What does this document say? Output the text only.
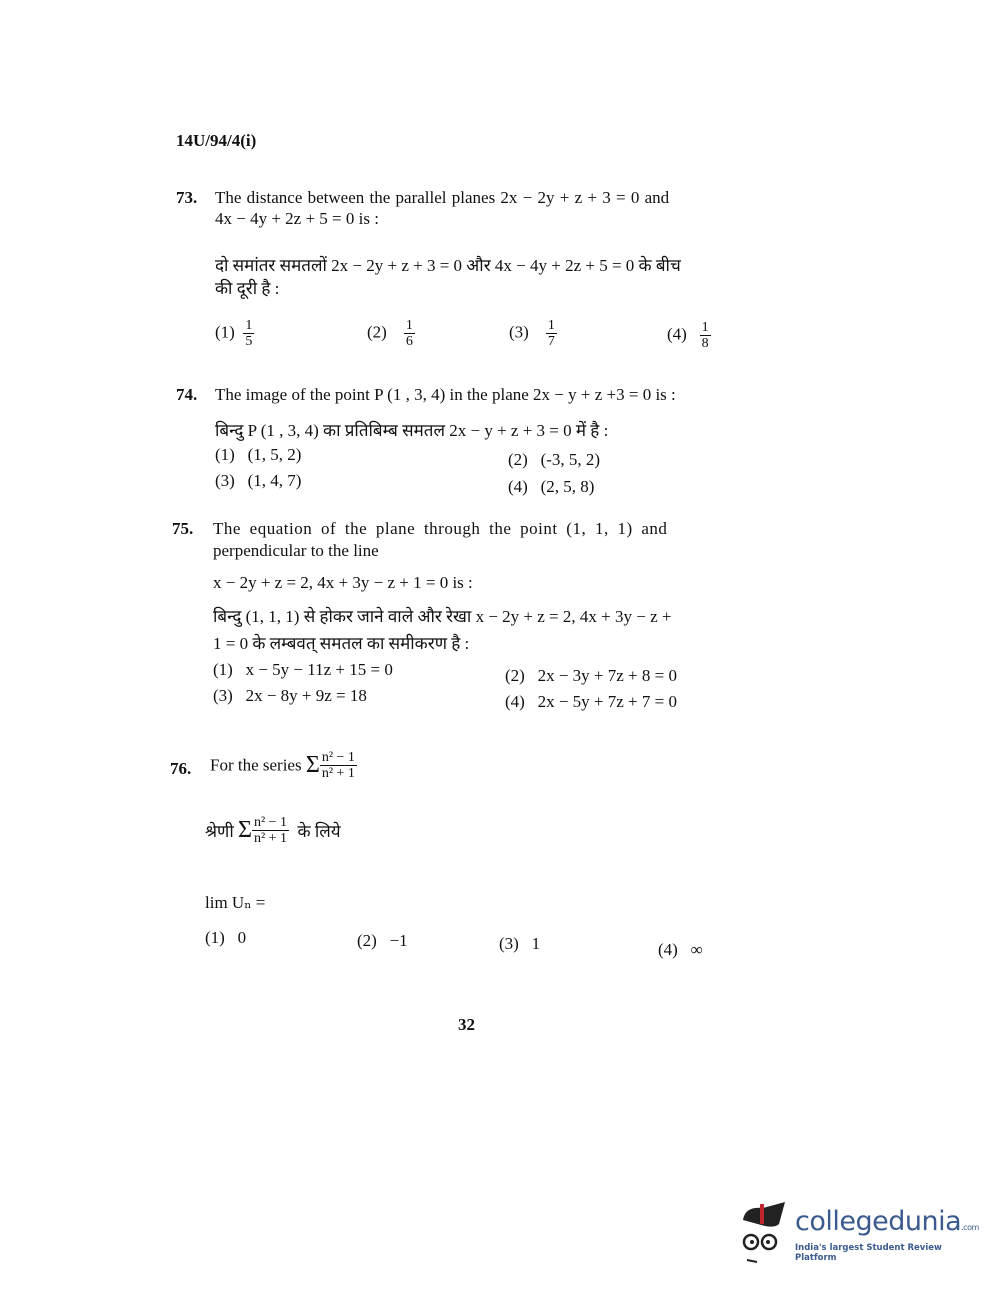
14U/94/4(i)
73. The distance between the parallel planes 2x − 2y + z + 3 = 0 and
4x − 4y + 2z + 5 = 0 is :
दो समांतर समतलों 2x − 2y + z + 3 = 0 और 4x − 4y + 2z + 5 = 0 के बीच
की दूरी है :
$(1) \frac{1}{5}$	$(2) \frac{1}{6}$	$(3) \frac{1}{7}$	$(4) \frac{1}{8}$
74. The image of the point P (1 , 3, 4) in the plane 2x − y + z +3 = 0 is :
बिन्दु P (1 , 3, 4) का प्रतिबिम्ब समतल 2x − y + z + 3 = 0 में है :
(1) (1, 5, 2)	(2) (-3, 5, 2)
(3) (1, 4, 7)	(4) (2, 5, 8)
75. The equation of the plane through the point (1, 1, 1) and
perpendicular to the line
x − 2y + z = 2, 4x + 3y − z + 1 = 0 is :
बिन्दु (1, 1, 1) से होकर जाने वाले और रेखा x − 2y + z = 2, 4x + 3y − z +
1 = 0 के लम्बवत् समतल का समीकरण है :
(1) x − 5y − 11z + 15 = 0	(2) 2x − 3y + 7z + 8 = 0
(3) 2x − 8y + 9z = 18	(4) 2x − 5y + 7z + 7 = 0
76. For the series Σ $\frac{\text{n² − 1}}{\text{n² + 1}}$
श्रेणी Σ $\frac{\text{n² − 1}}{\text{n² + 1}}$ के लिये
lim Uₙ =
(1) 0	(2) −1	(3) 1	(4) ∞
32
collegedunia.com
India's largest Student Review Platform
